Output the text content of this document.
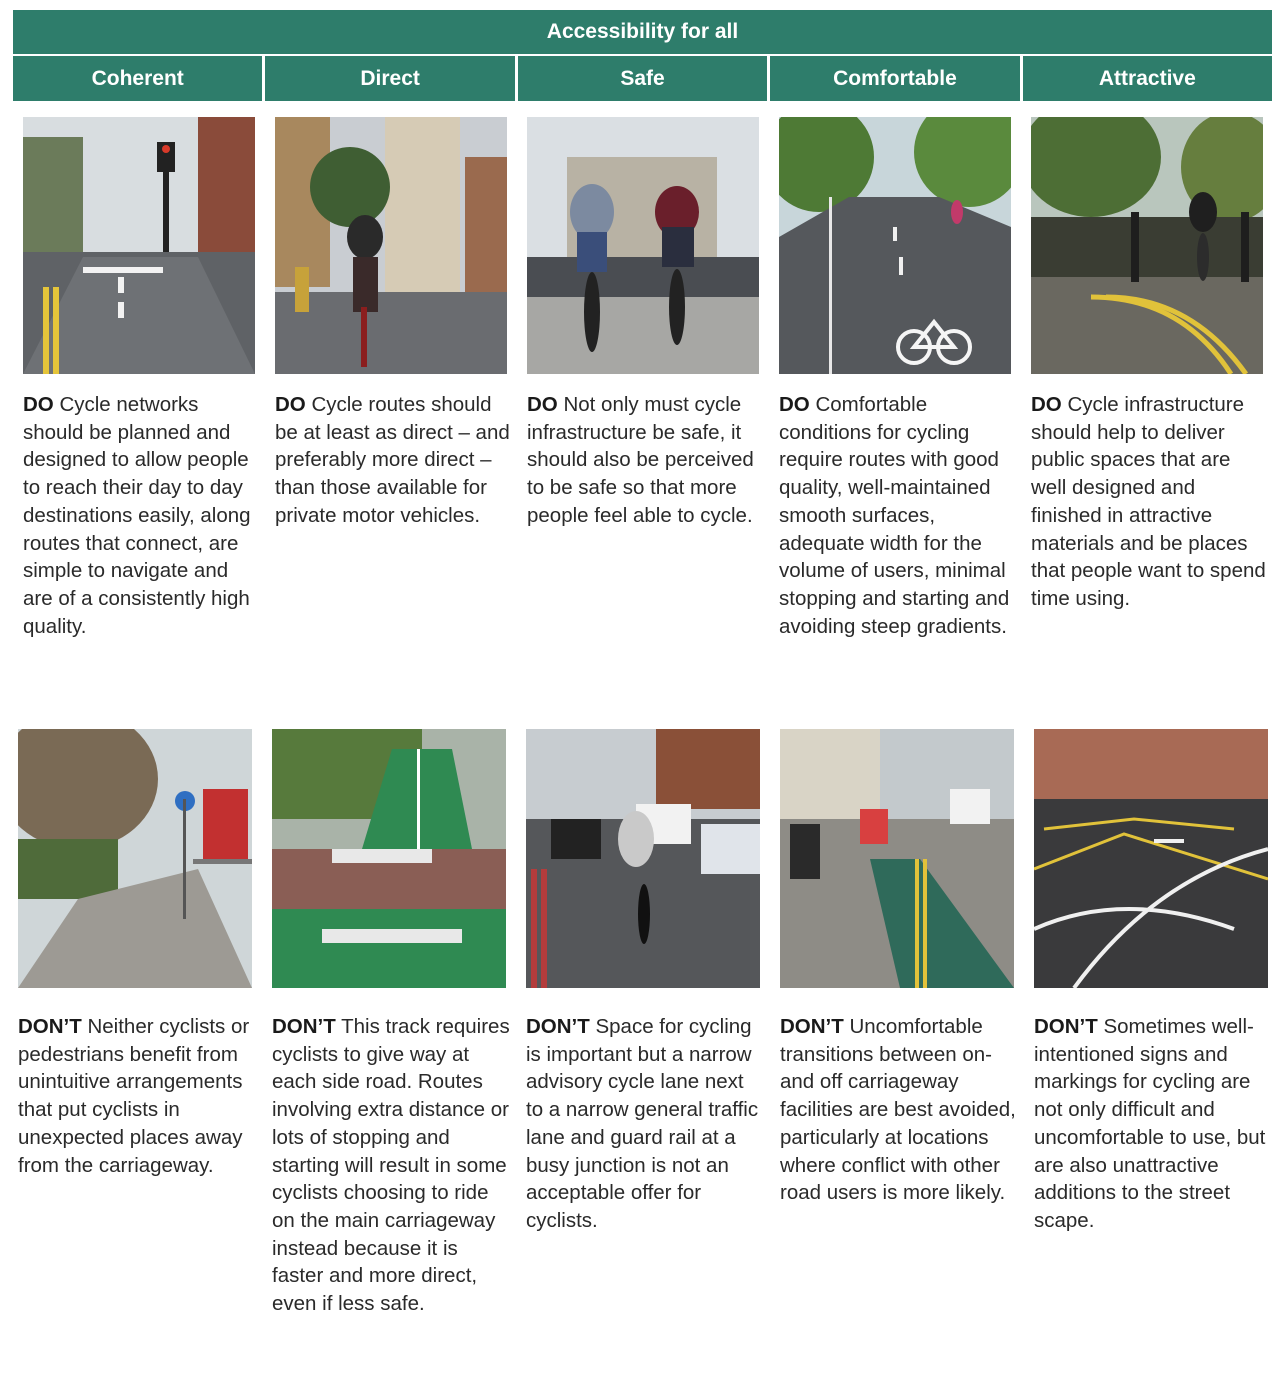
Accessibility for all
Coherent	Direct	Safe	Comfortable	Attractive
DO Cycle networks should be planned and designed to allow people to reach their day to day destinations easily, along routes that connect, are simple to navigate and are of a consistently high quality.
DO Cycle routes should be at least as direct – and preferably more direct – than those available for private motor vehicles.
DO Not only must cycle infrastructure be safe, it should also be perceived to be safe so that more people feel able to cycle.
DO Comfortable conditions for cycling require routes with good quality, well-maintained smooth surfaces, adequate width for the volume of users, minimal stopping and starting and avoiding steep gradients.
DO Cycle infrastructure should help to deliver public spaces that are well designed and finished in attractive materials and be places that people want to spend time using.
DON’T Neither cyclists or pedestrians benefit from unintuitive arrangements that put cyclists in unexpected places away from the carriageway.
DON’T This track requires cyclists to give way at each side road. Routes involving extra distance or lots of stopping and starting will result in some cyclists choosing to ride on the main carriageway instead because it is faster and more direct, even if less safe.
DON’T Space for cycling is important but a narrow advisory cycle lane next to a narrow general traffic lane and guard rail at a busy junction is not an acceptable offer for cyclists.
DON’T Uncomfortable transitions between on-and off carriageway facilities are best avoided, particularly at locations where conflict with other road users is more likely.
DON’T Sometimes well-intentioned signs and markings for cycling are not only difficult and uncomfortable to use, but are also unattractive additions to the street scape.
